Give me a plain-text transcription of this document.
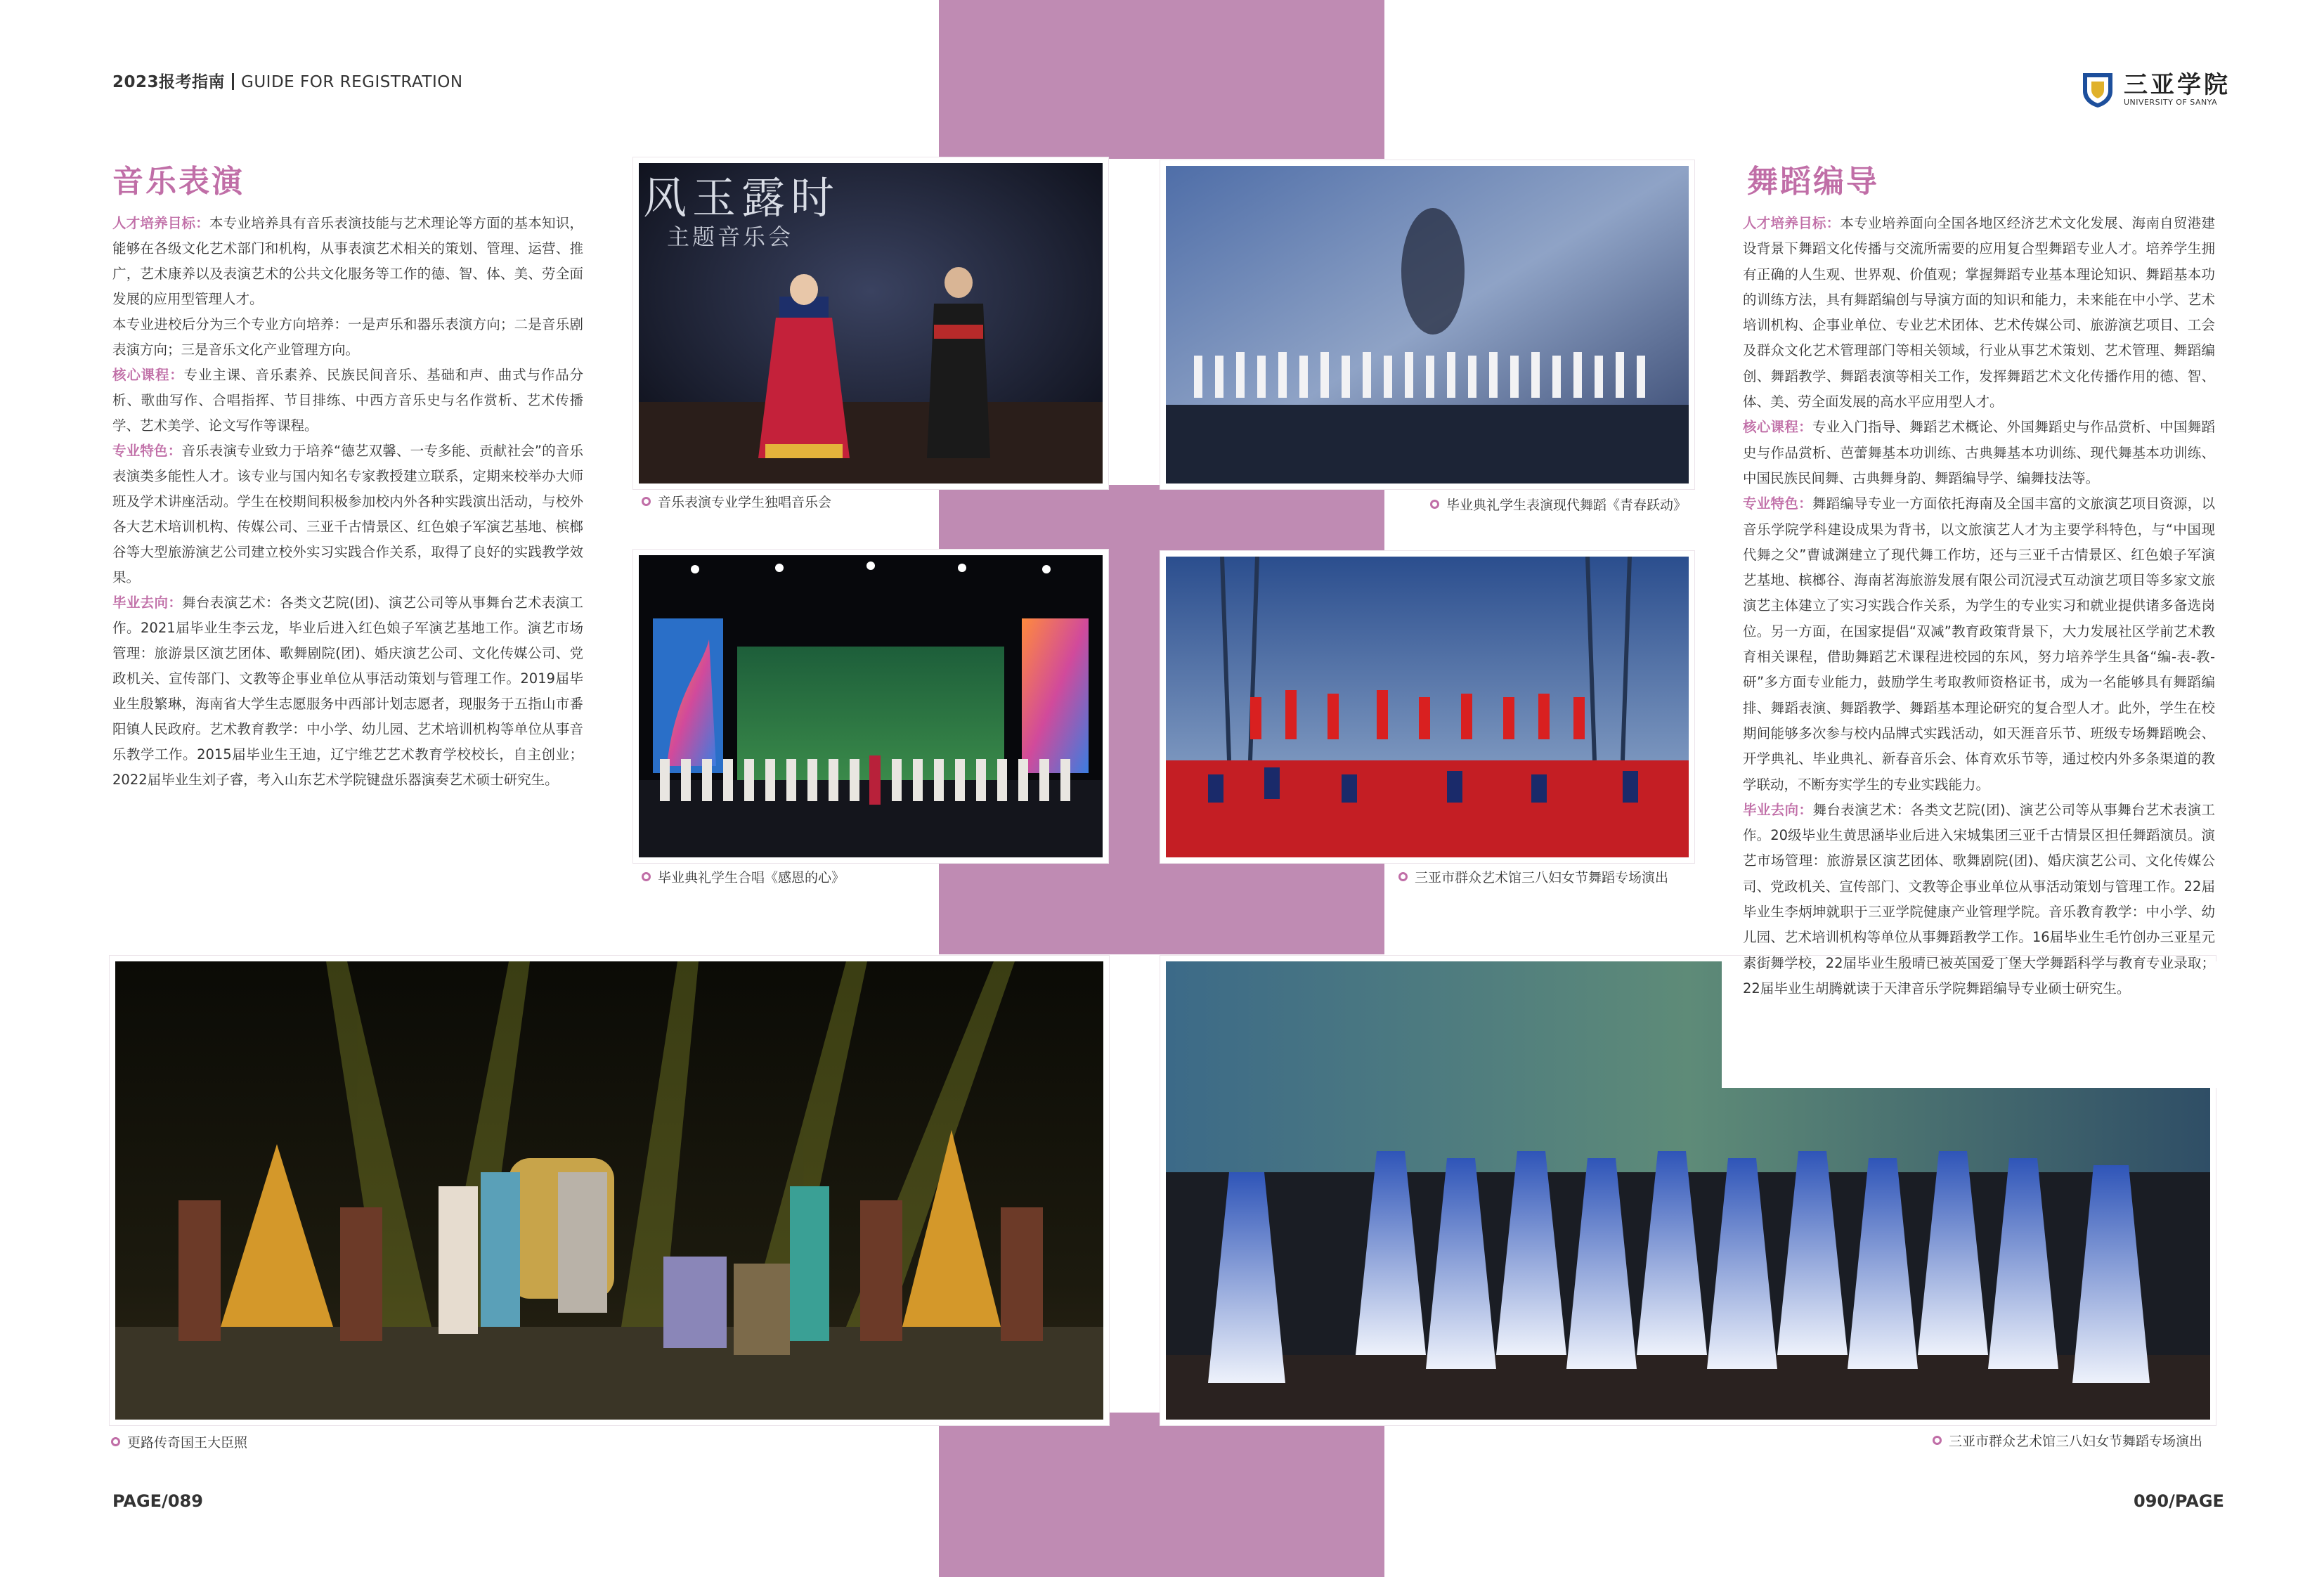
2023报考指南 GUIDE FOR REGISTRATION	三亚学院
UNIVERSITY OF SANYA
音乐表演

人才培养目标：本专业培养具有音乐表演技能与艺术理论等方面的基本知识，能够在各级文化艺术部门和机构，从事表演艺术相关的策划、管理、运营、推广，艺术康养以及表演艺术的公共文化服务等工作的德、智、体、美、劳全面发展的应用型管理人才。

本专业进校后分为三个专业方向培养：一是声乐和器乐表演方向；二是音乐剧表演方向；三是音乐文化产业管理方向。

核心课程：专业主课、音乐素养、民族民间音乐、基础和声、曲式与作品分析、歌曲写作、合唱指挥、节目排练、中西方音乐史与名作赏析、艺术传播学、艺术美学、论文写作等课程。

专业特色：音乐表演专业致力于培养“德艺双馨、一专多能、贡献社会”的音乐表演类多能性人才。该专业与国内知名专家教授建立联系，定期来校举办大师班及学术讲座活动。学生在校期间积极参加校内外各种实践演出活动，与校外各大艺术培训机构、传媒公司、三亚千古情景区、红色娘子军演艺基地、槟榔谷等大型旅游演艺公司建立校外实习实践合作关系，取得了良好的实践教学效果。

毕业去向：舞台表演艺术：各类文艺院(团)、演艺公司等从事舞台艺术表演工作。2021届毕业生李云龙，毕业后进入红色娘子军演艺基地工作。演艺市场管理：旅游景区演艺团体、歌舞剧院(团)、婚庆演艺公司、文化传媒公司、党政机关、宣传部门、文教等企事业单位从事活动策划与管理工作。2019届毕业生殷繁琳，海南省大学生志愿服务中西部计划志愿者，现服务于五指山市番阳镇人民政府。艺术教育教学：中小学、幼儿园、艺术培训机构等单位从事音乐教学工作。2015届毕业生王迪，辽宁维艺艺术教育学校校长，自主创业；2022届毕业生刘子睿，考入山东艺术学院键盘乐器演奏艺术硕士研究生。

风玉露时
主题音乐会
音乐表演专业学生独唱音乐会
毕业典礼学生合唱《感恩的心》
更路传奇国王大臣照
PAGE/089
毕业典礼学生表演现代舞蹈《青春跃动》
三亚市群众艺术馆三八妇女节舞蹈专场演出
三亚市群众艺术馆三八妇女节舞蹈专场演出
舞蹈编导

人才培养目标：本专业培养面向全国各地区经济艺术文化发展、海南自贸港建设背景下舞蹈文化传播与交流所需要的应用复合型舞蹈专业人才。培养学生拥有正确的人生观、世界观、价值观；掌握舞蹈专业基本理论知识、舞蹈基本功的训练方法，具有舞蹈编创与导演方面的知识和能力，未来能在中小学、艺术培训机构、企事业单位、专业艺术团体、艺术传媒公司、旅游演艺项目、工会及群众文化艺术管理部门等相关领域，行业从事艺术策划、艺术管理、舞蹈编创、舞蹈教学、舞蹈表演等相关工作，发挥舞蹈艺术文化传播作用的德、智、体、美、劳全面发展的高水平应用型人才。

核心课程：专业入门指导、舞蹈艺术概论、外国舞蹈史与作品赏析、中国舞蹈史与作品赏析、芭蕾舞基本功训练、古典舞基本功训练、现代舞基本功训练、中国民族民间舞、古典舞身韵、舞蹈编导学、编舞技法等。

专业特色：舞蹈编导专业一方面依托海南及全国丰富的文旅演艺项目资源，以音乐学院学科建设成果为背书，以文旅演艺人才为主要学科特色，与“中国现代舞之父”曹诚渊建立了现代舞工作坊，还与三亚千古情景区、红色娘子军演艺基地、槟榔谷、海南茗海旅游发展有限公司沉浸式互动演艺项目等多家文旅演艺主体建立了实习实践合作关系，为学生的专业实习和就业提供诸多备选岗位。另一方面，在国家提倡“双减”教育政策背景下，大力发展社区学前艺术教育相关课程，借助舞蹈艺术课程进校园的东风，努力培养学生具备“编-表-教-研”多方面专业能力，鼓励学生考取教师资格证书，成为一名能够具有舞蹈编排、舞蹈表演、舞蹈教学、舞蹈基本理论研究的复合型人才。此外，学生在校期间能够多次参与校内品牌式实践活动，如天涯音乐节、班级专场舞蹈晚会、开学典礼、毕业典礼、新春音乐会、体育欢乐节等，通过校内外多条渠道的教学联动，不断夯实学生的专业实践能力。

毕业去向：舞台表演艺术：各类文艺院(团)、演艺公司等从事舞台艺术表演工作。20级毕业生黄思涵毕业后进入宋城集团三亚千古情景区担任舞蹈演员。演艺市场管理：旅游景区演艺团体、歌舞剧院(团)、婚庆演艺公司、文化传媒公司、党政机关、宣传部门、文教等企事业单位从事活动策划与管理工作。22届毕业生李炳坤就职于三亚学院健康产业管理学院。音乐教育教学：中小学、幼儿园、艺术培训机构等单位从事舞蹈教学工作。16届毕业生毛竹创办三亚星元素街舞学校，22届毕业生殷晴已被英国爱丁堡大学舞蹈科学与教育专业录取；22届毕业生胡腾就读于天津音乐学院舞蹈编导专业硕士研究生。

090/PAGE
